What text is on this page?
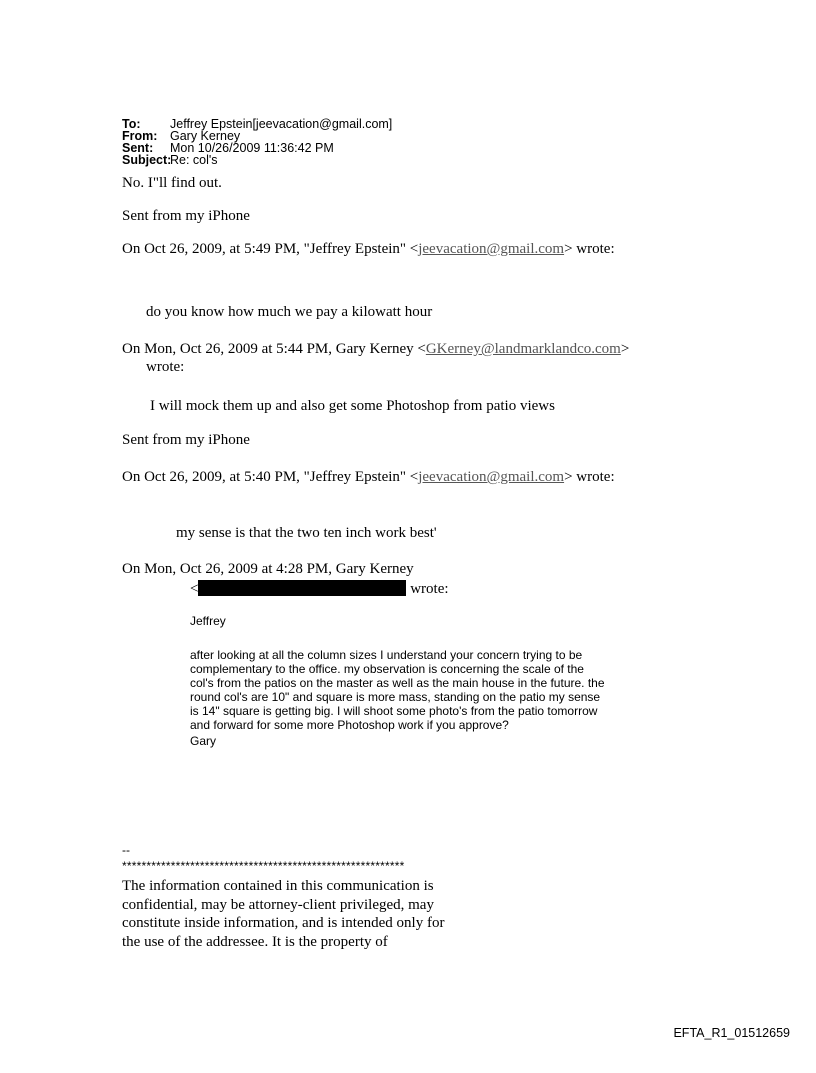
To: Jeffrey Epstein[jeevacation@gmail.com]
From: Gary Kerney
Sent: Mon 10/26/2009 11:36:42 PM
Subject:Re: col's
No. I"ll find out.
Sent from my iPhone
On Oct 26, 2009, at 5:49 PM, "Jeffrey Epstein" <jeevacation@gmail.com> wrote:
do you know how much we pay a kilowatt hour
On Mon, Oct 26, 2009 at 5:44 PM, Gary Kerney <GKerney@landmarklandco.com>
wrote:
I will mock them up and also get some Photoshop from patio views
Sent from my iPhone
On Oct 26, 2009, at 5:40 PM, "Jeffrey Epstein" <jeevacation@gmail.com> wrote:
my sense is that the two ten inch work best'
On Mon, Oct 26, 2009 at 4:28 PM, Gary Kerney
<	wrote:
Jeffrey
after looking at all the column sizes I understand your concern trying to be
complementary to the office. my observation is concerning the scale of the
col's from the patios on the master as well as the main house in the future. the
round col's are 10" and square is more mass, standing on the patio my sense
is 14" square is getting big. I will shoot some photo's from the patio tomorrow
and forward for some more Photoshop work if you approve?
Gary
--
**********************************************************
The information contained in this communication is
confidential, may be attorney-client privileged, may
constitute inside information, and is intended only for
the use of the addressee. It is the property of
EFTA_R1_01512659
